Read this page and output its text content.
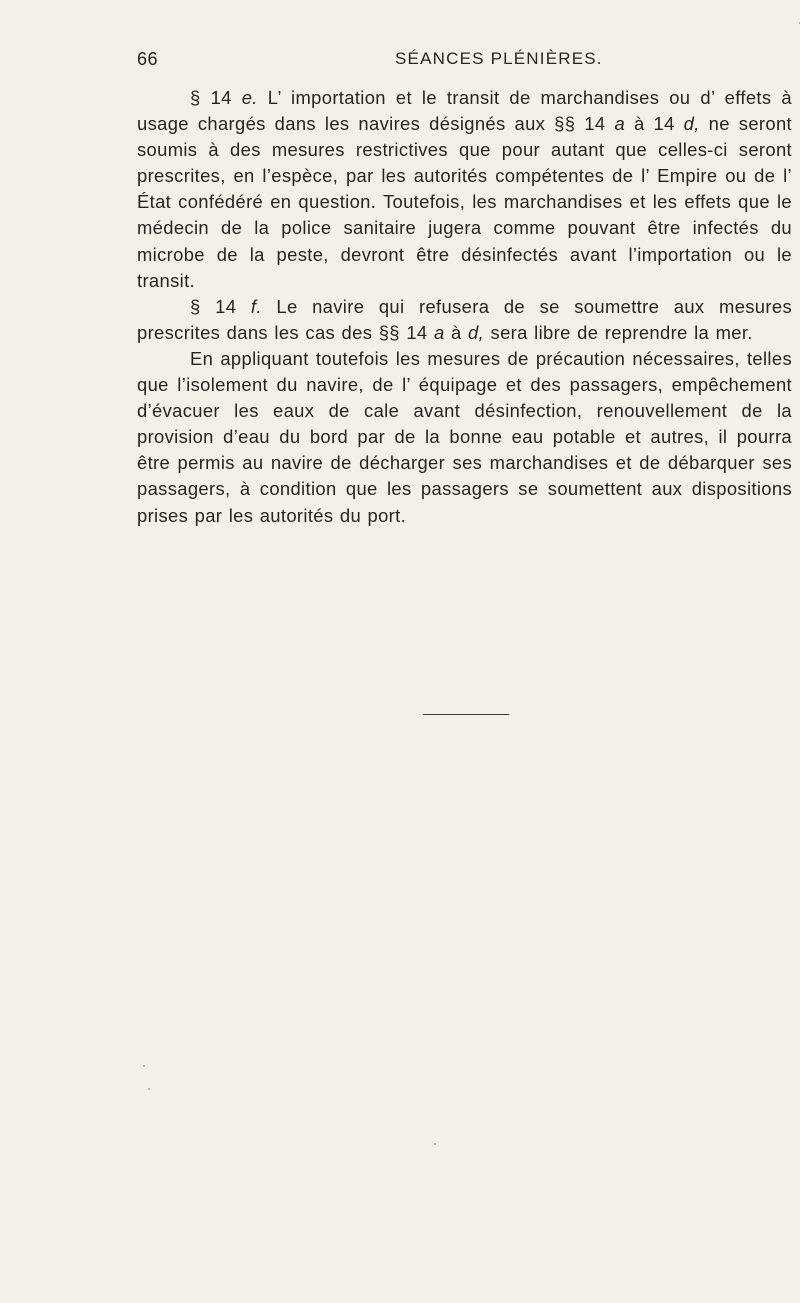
66	SÉANCES PLÉNIÈRES.

§ 14 e. L’ importation et le transit de marchandises ou d’ effets à usage chargés dans les navires désignés aux §§ 14 a à 14 d, ne seront soumis à des mesures restrictives que pour autant que celles-ci seront prescrites, en l’espèce, par les autorités compétentes de l’ Empire ou de l’ État confédéré en question. Toutefois, les marchandises et les effets que le médecin de la police sanitaire jugera comme pouvant être infectés du microbe de la peste, devront être désinfectés avant l’importation ou le transit.

§ 14 f. Le navire qui refusera de se soumettre aux mesures prescrites dans les cas des §§ 14 a à d, sera libre de reprendre la mer.

En appliquant toutefois les mesures de précaution nécessaires, telles que l’isolement du navire, de l’ équipage et des passagers, empêchement d’évacuer les eaux de cale avant désinfection, renouvellement de la provision d’eau du bord par de la bonne eau potable et autres, il pourra être permis au navire de décharger ses marchandises et de débarquer ses passagers, à condition que les passagers se soumettent aux dispositions prises par les autorités du port.
